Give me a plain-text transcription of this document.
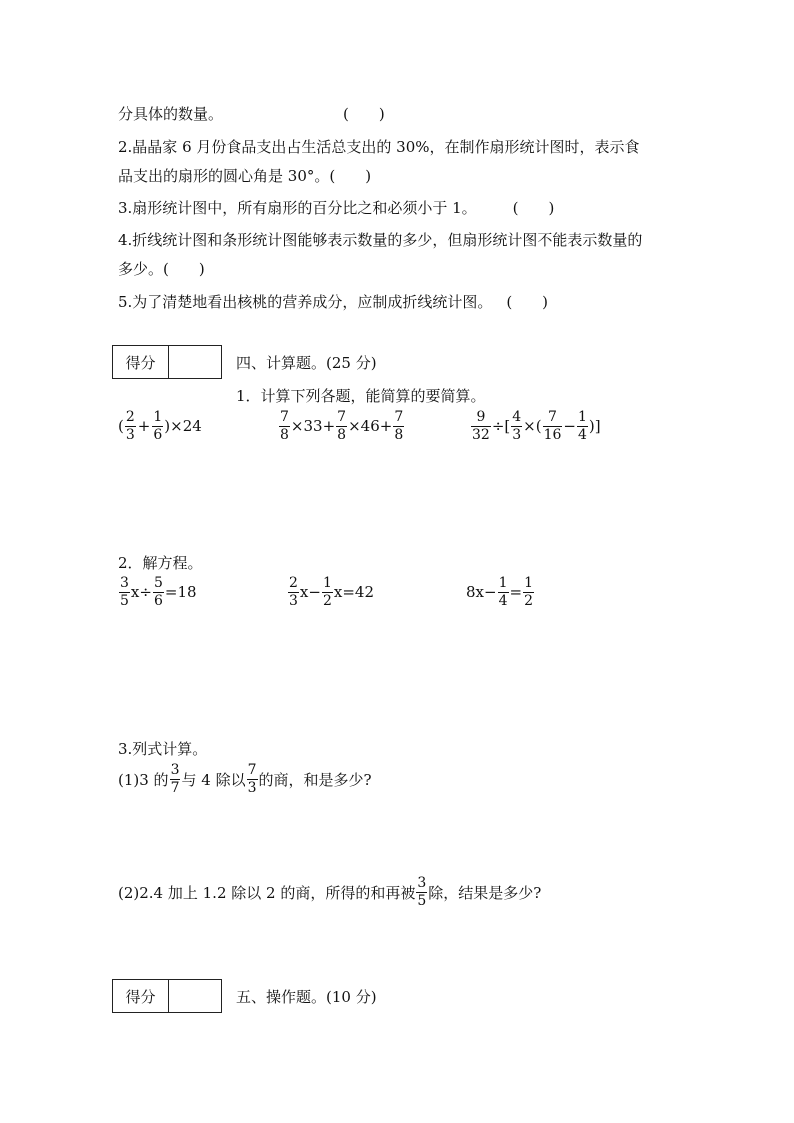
分具体的数量。	(　　)
2.晶晶家 6 月份食品支出占生活总支出的 30%，在制作扇形统计图时，表示食
品支出的扇形的圆心角是 30°。(　　)
3.扇形统计图中，所有扇形的百分比之和必须小于 1。 (　　)
4.折线统计图和条形统计图能够表示数量的多少，但扇形统计图不能表示数量的
多少。(　　)
5.为了清楚地看出核桃的营养成分，应制成折线统计图。 (　　)
得分	四、计算题。(25 分)
1．计算下列各题，能简算的要简算。
( $\frac{2}{3} + \frac{1}{6} )\times 24$	$\frac{7}{8} \times 33+ \frac{7}{8} \times 46+ \frac{7}{8}$	$\frac{9}{32}$ ÷[ $\frac{4}{3}$ ×( $\frac{7}{16} - \frac{1}{4}$ )]
2．解方程。
$\frac{3}{5} x\div \frac{5}{6} =18$	$\frac{2}{3} x- \frac{1}{2} x=42$	$8x- \frac{1}{4} = \frac{1}{2}$
3.列式计算。
(1)3 的 $\frac{3}{7}$ 与 4 除以 $\frac{7}{3}$ 的商，和是多少?
(2)2.4 加上 1.2 除以 2 的商，所得的和再被 $\frac{3}{5}$ 除，结果是多少?
得分	五、操作题。(10 分)
